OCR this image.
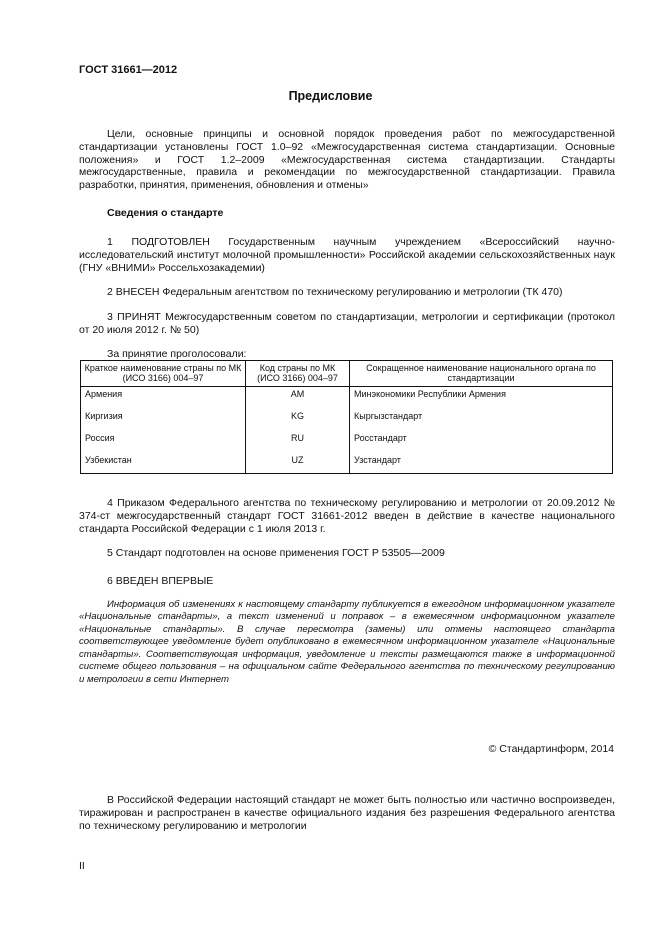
ГОСТ 31661—2012
Предисловие
Цели, основные принципы и основной порядок проведения работ по межгосударственной стандартизации установлены ГОСТ 1.0–92 «Межгосударственная система стандартизации. Основные положения» и ГОСТ 1.2–2009 «Межгосударственная система стандартизации. Стандарты межгосударственные, правила и рекомендации по межгосударственной стандартизации. Правила разработки, принятия, применения, обновления и отмены»
Сведения о стандарте
1 ПОДГОТОВЛЕН Государственным научным учреждением «Всероссийский научно-исследовательский институт молочной промышленности» Российской академии сельскохозяйственных наук (ГНУ «ВНИМИ» Россельхозакадемии)
2 ВНЕСЕН Федеральным агентством по техническому регулированию и метрологии (ТК 470)
3 ПРИНЯТ Межгосударственным советом по стандартизации, метрологии и сертификации (протокол от 20 июля 2012 г. № 50)
За принятие проголосовали:
Краткое наименование страны по МК (ИСО 3166) 004–97	Код страны по МК (ИСО 3166) 004–97	Сокращенное наименование национального органа по стандартизации
Армения	AM	Минэкономики Республики Армения
Киргизия	KG	Кыргызстандарт
Россия	RU	Росстандарт
Узбекистан	UZ	Узстандарт
4 Приказом Федерального агентства по техническому регулированию и метрологии от 20.09.2012 № 374-ст межгосударственный стандарт ГОСТ 31661-2012 введен в действие в качестве национального стандарта Российской Федерации с 1 июля 2013 г.
5 Стандарт подготовлен на основе применения ГОСТ Р 53505—2009
6 ВВЕДЕН ВПЕРВЫЕ
Информация об изменениях к настоящему стандарту публикуется в ежегодном информационном указателе «Национальные стандарты», а текст изменений и поправок – в ежемесячном информационном указателе «Национальные стандарты». В случае пересмотра (замены) или отмены настоящего стандарта соответствующее уведомление будет опубликовано в ежемесячном информационном указателе «Национальные стандарты». Соответствующая информация, уведомление и тексты размещаются также в информационной системе общего пользования – на официальном сайте Федерального агентства по техническому регулированию и метрологии в сети Интернет
© Стандартинформ, 2014
В Российской Федерации настоящий стандарт не может быть полностью или частично воспроизведен, тиражирован и распространен в качестве официального издания без разрешения Федерального агентства по техническому регулированию и метрологии
II
